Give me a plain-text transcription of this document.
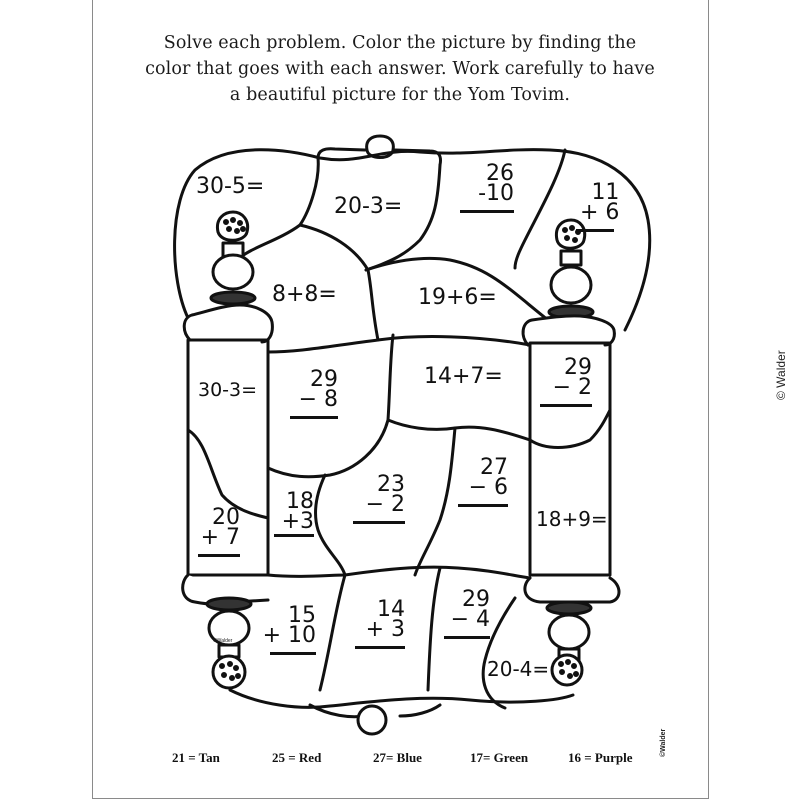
Solve each problem. Color the picture by finding the
color that goes with each answer. Work carefully to have
a beautiful picture for the Yom Tovim.
30-5=
20-3=
26
-10	11
+ 6
8+8=	19+6=
30-3=	29
− 8
14+7=	29
− 2
18
+3
23
− 2
27
− 6
20
+ 7
18+9=
15
+ 10
14
+ 3
29
− 4
20-4=
21 = Tan	25 = Red	27= Blue	17= Green	16 = Purple
© Walder
©Walder
©Walder
